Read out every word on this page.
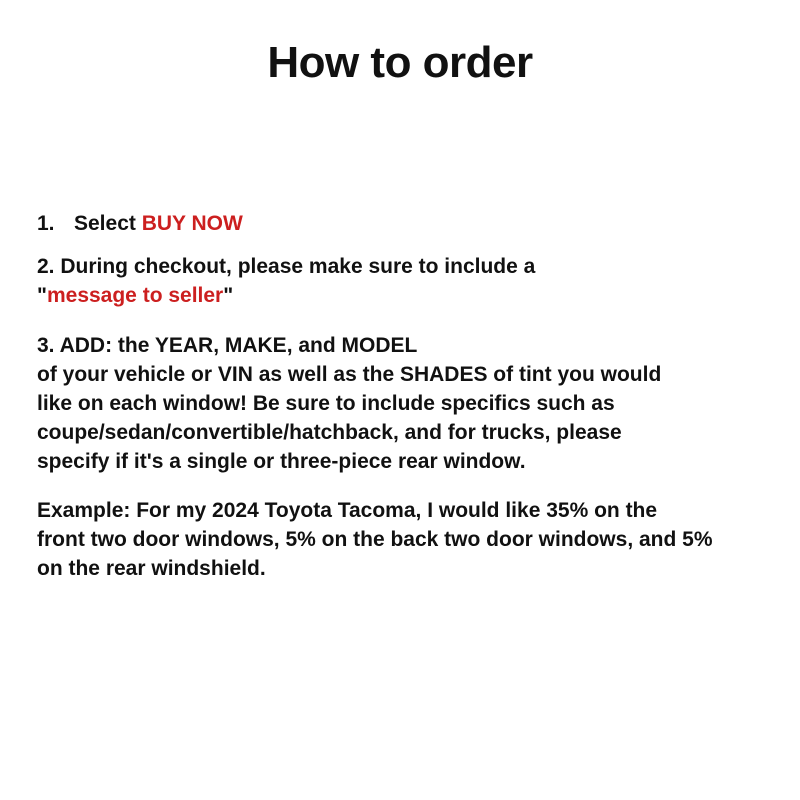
How to order
1. Select BUY NOW
2. During checkout, please make sure to include a
"message to seller"
3. ADD: the YEAR, MAKE, and MODEL
of your vehicle or VIN as well as the SHADES of tint you would
like on each window! Be sure to include specifics such as
coupe/sedan/convertible/hatchback, and for trucks, please
specify if it's a single or three-piece rear window.
Example: For my 2024 Toyota Tacoma, I would like 35% on the
front two door windows, 5% on the back two door windows, and 5%
on the rear windshield.
